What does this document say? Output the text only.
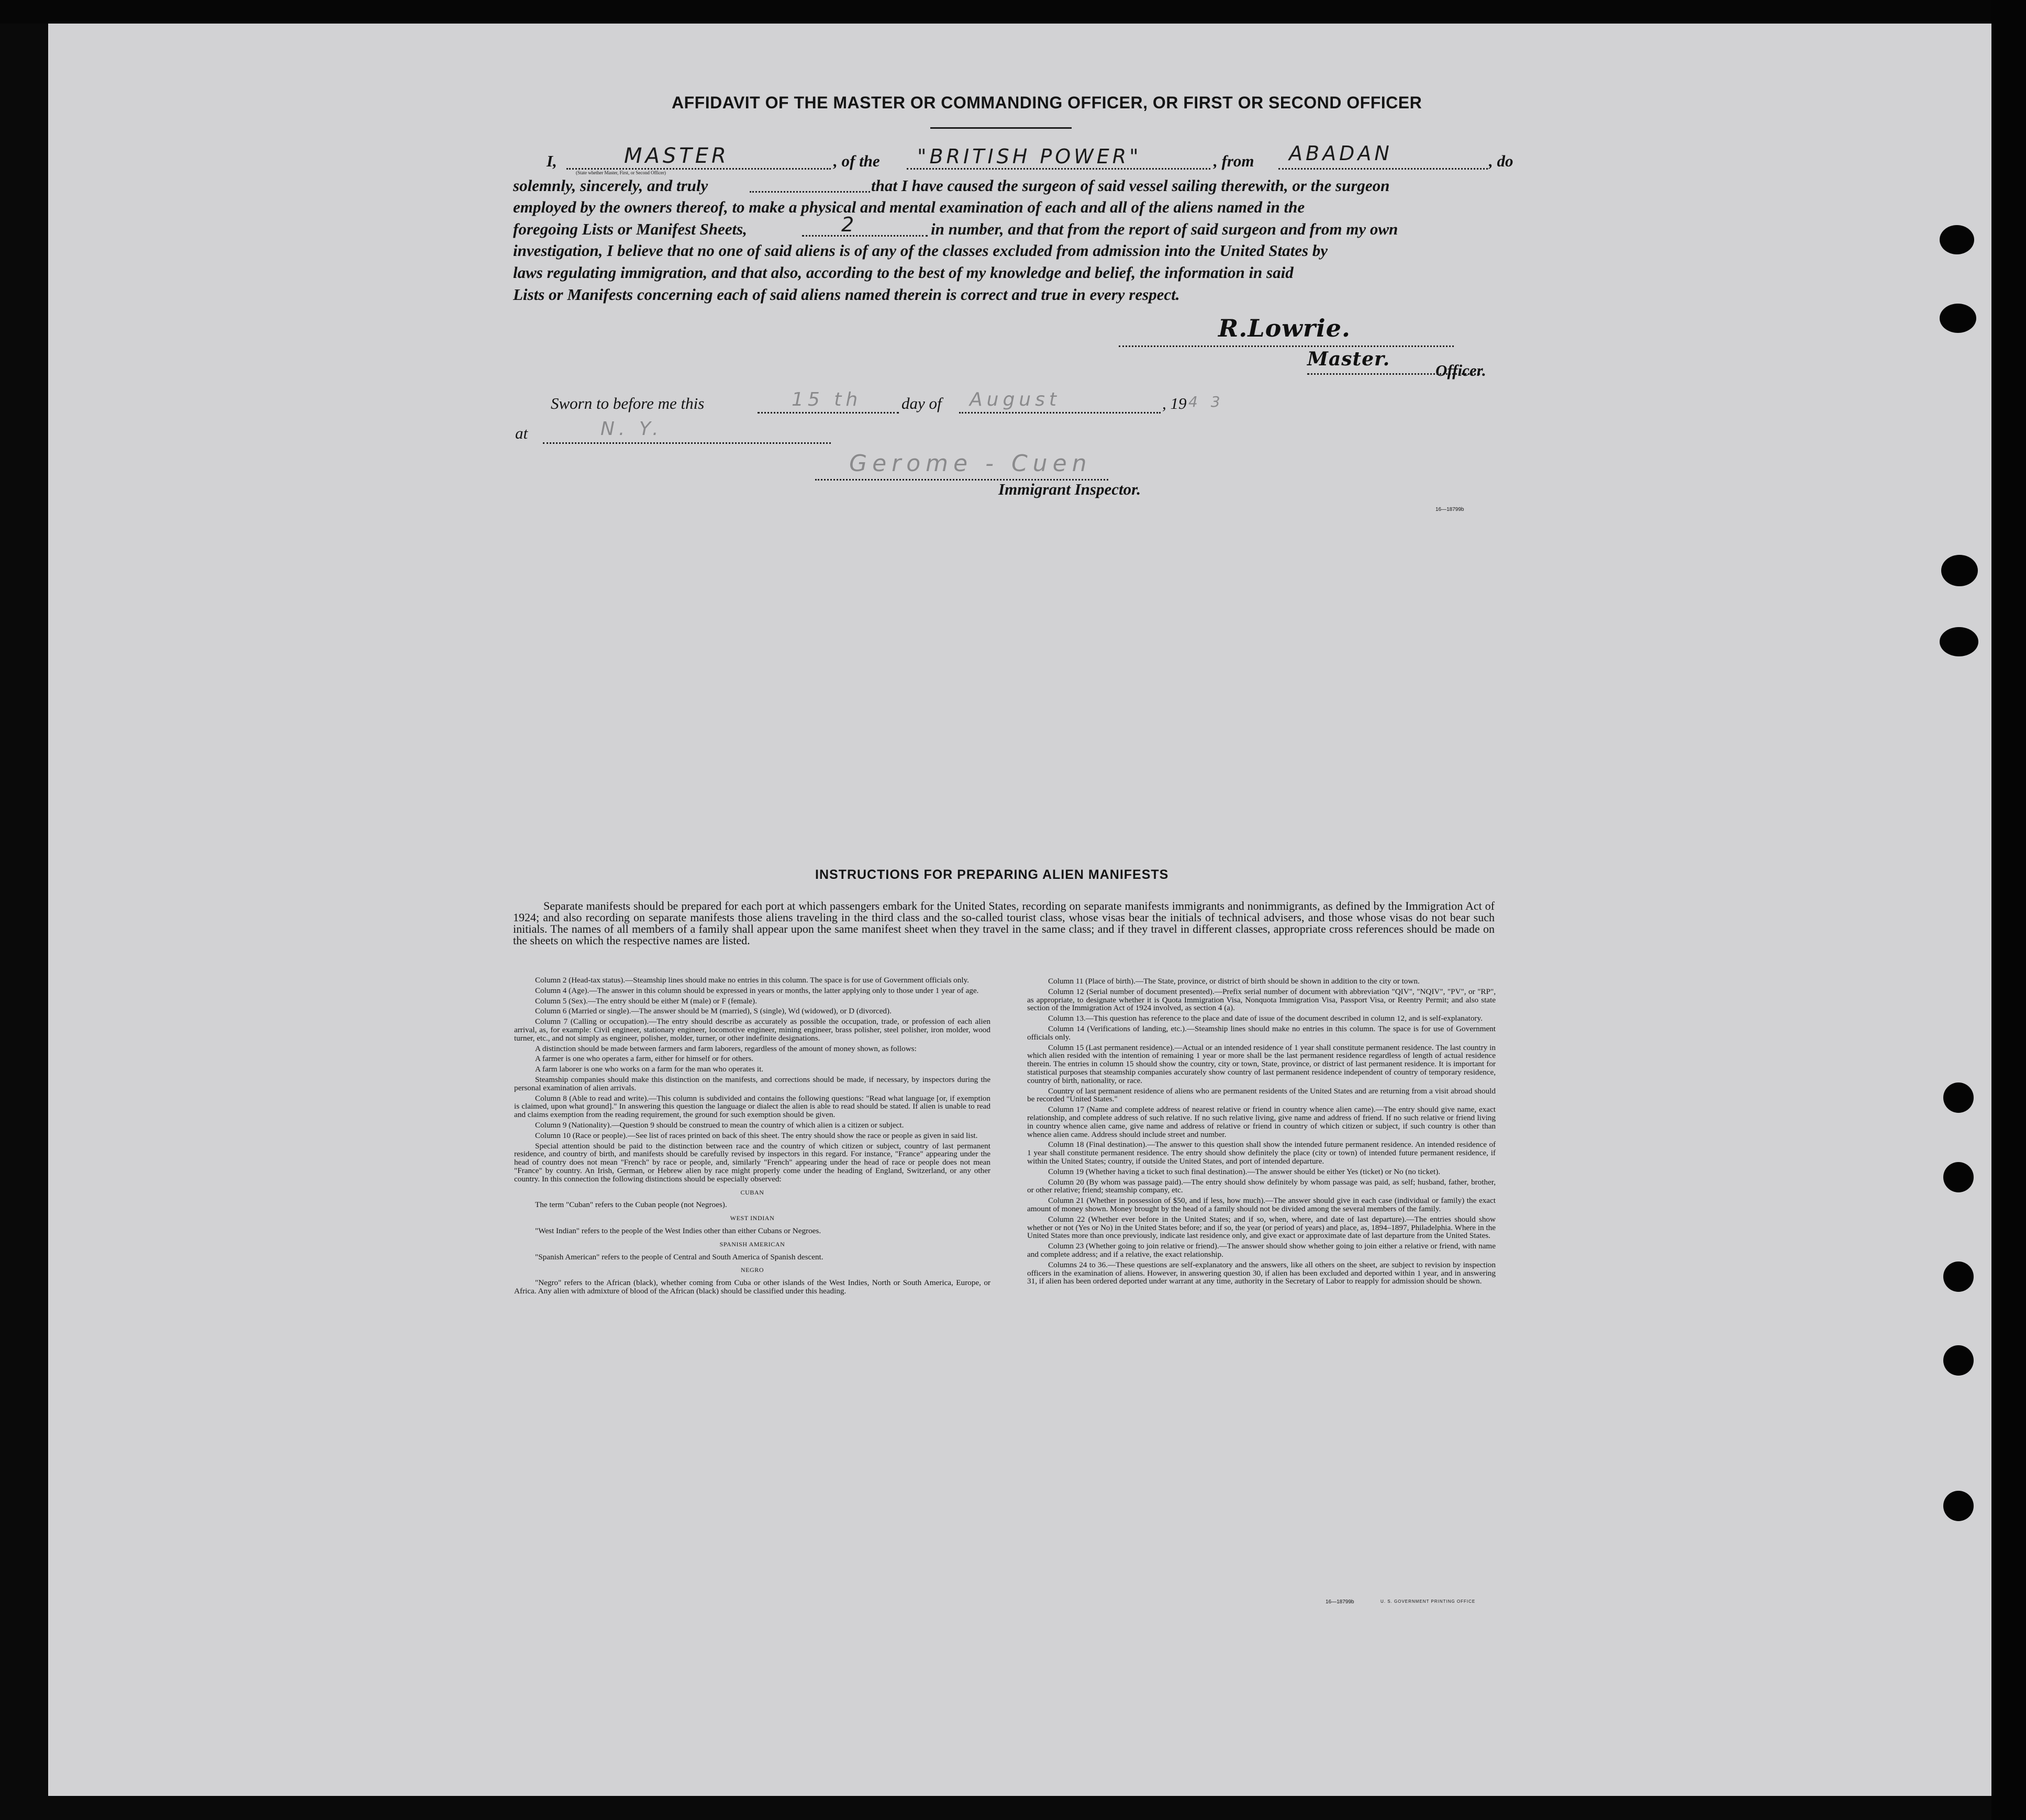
AFFIDAVIT OF THE MASTER OR COMMANDING OFFICER, OR FIRST OR SECOND OFFICER
I,	MASTER
(State whether Master, First, or Second Officer)
, of the "BRITISH POWER"	, from ABADAN	, do
solemnly, sincerely, and truly	that I have caused the surgeon of said vessel sailing therewith, or the surgeon
employed by the owners thereof, to make a physical and mental examination of each and all of the aliens named in the
foregoing Lists or Manifest Sheets,	2	in number, and that from the report of said surgeon and from my own
investigation, I believe that no one of said aliens is of any of the classes excluded from admission into the United States by
laws regulating immigration, and that also, according to the best of my knowledge and belief, the information in said
Lists or Manifests concerning each of said aliens named therein is correct and true in every respect.
R.Lowrie.
Master.
Officer.
Sworn to before me this	15 th day of August	, 19 4 3
at	N. Y.
Gerome - Cuen
Immigrant Inspector.
16—18799b
INSTRUCTIONS FOR PREPARING ALIEN MANIFESTS
Separate manifests should be prepared for each port at which passengers embark for the United States, recording on separate manifests immigrants and nonimmigrants, as defined by the Immigration Act of 1924; and also recording on separate manifests those aliens traveling in the third class and the so-called tourist class, whose visas bear the initials of technical advisers, and those whose visas do not bear such initials. The names of all members of a family shall appear upon the same manifest sheet when they travel in the same class; and if they travel in different classes, appropriate cross references should be made on the sheets on which the respective names are listed.

Column 2 (Head-tax status).—Steamship lines should make no entries in this column. The space is for use of Government officials only.

Column 4 (Age).—The answer in this column should be expressed in years or months, the latter applying only to those under 1 year of age.

Column 5 (Sex).—The entry should be either M (male) or F (female).

Column 6 (Married or single).—The answer should be M (married), S (single), Wd (widowed), or D (divorced).

Column 7 (Calling or occupation).—The entry should describe as accurately as possible the occupation, trade, or profession of each alien arrival, as, for example: Civil engineer, stationary engineer, locomotive engineer, mining engineer, brass polisher, steel polisher, iron molder, wood turner, etc., and not simply as engineer, polisher, molder, turner, or other indefinite designations.

A distinction should be made between farmers and farm laborers, regardless of the amount of money shown, as follows:

A farmer is one who operates a farm, either for himself or for others.

A farm laborer is one who works on a farm for the man who operates it.

Steamship companies should make this distinction on the manifests, and corrections should be made, if necessary, by inspectors during the personal examination of alien arrivals.

Column 8 (Able to read and write).—This column is subdivided and contains the following questions: "Read what language [or, if exemption is claimed, upon what ground]." In answering this question the language or dialect the alien is able to read should be stated. If alien is unable to read and claims exemption from the reading requirement, the ground for such exemption should be given.

Column 9 (Nationality).—Question 9 should be construed to mean the country of which alien is a citizen or subject.

Column 10 (Race or people).—See list of races printed on back of this sheet. The entry should show the race or people as given in said list.

Special attention should be paid to the distinction between race and the country of which citizen or subject, country of last permanent residence, and country of birth, and manifests should be carefully revised by inspectors in this regard. For instance, "France" appearing under the head of country does not mean "French" by race or people, and, similarly "French" appearing under the head of race or people does not mean "France" by country. An Irish, German, or Hebrew alien by race might properly come under the heading of England, Switzerland, or any other country. In this connection the following distinctions should be especially observed:

CUBAN

The term "Cuban" refers to the Cuban people (not Negroes).

WEST INDIAN

"West Indian" refers to the people of the West Indies other than either Cubans or Negroes.

SPANISH AMERICAN

"Spanish American" refers to the people of Central and South America of Spanish descent.

NEGRO

"Negro" refers to the African (black), whether coming from Cuba or other islands of the West Indies, North or South America, Europe, or Africa. Any alien with admixture of blood of the African (black) should be classified under this heading.

Column 11 (Place of birth).—The State, province, or district of birth should be shown in addition to the city or town.

Column 12 (Serial number of document presented).—Prefix serial number of document with abbreviation "QIV", "NQIV", "PV", or "RP", as appropriate, to designate whether it is Quota Immigration Visa, Nonquota Immigration Visa, Passport Visa, or Reentry Permit; and also state section of the Immigration Act of 1924 involved, as section 4 (a).

Column 13.—This question has reference to the place and date of issue of the document described in column 12, and is self-explanatory.

Column 14 (Verifications of landing, etc.).—Steamship lines should make no entries in this column. The space is for use of Government officials only.

Column 15 (Last permanent residence).—Actual or an intended residence of 1 year shall constitute permanent residence. The last country in which alien resided with the intention of remaining 1 year or more shall be the last permanent residence regardless of length of actual residence therein. The entries in column 15 should show the country, city or town, State, province, or district of last permanent residence. It is important for statistical purposes that steamship companies accurately show country of last permanent residence independent of country of temporary residence, country of birth, nationality, or race.

Country of last permanent residence of aliens who are permanent residents of the United States and are returning from a visit abroad should be recorded "United States."

Column 17 (Name and complete address of nearest relative or friend in country whence alien came).—The entry should give name, exact relationship, and complete address of such relative. If no such relative living, give name and address of friend. If no such relative or friend living in country whence alien came, give name and address of relative or friend in country of which citizen or subject, if such country is other than whence alien came. Address should include street and number.

Column 18 (Final destination).—The answer to this question shall show the intended future permanent residence. An intended residence of 1 year shall constitute permanent residence. The entry should show definitely the place (city or town) of intended future permanent residence, if within the United States; country, if outside the United States, and port of intended departure.

Column 19 (Whether having a ticket to such final destination).—The answer should be either Yes (ticket) or No (no ticket).

Column 20 (By whom was passage paid).—The entry should show definitely by whom passage was paid, as self; husband, father, brother, or other relative; friend; steamship company, etc.

Column 21 (Whether in possession of $50, and if less, how much).—The answer should give in each case (individual or family) the exact amount of money shown. Money brought by the head of a family should not be divided among the several members of the family.

Column 22 (Whether ever before in the United States; and if so, when, where, and date of last departure).—The entries should show whether or not (Yes or No) in the United States before; and if so, the year (or period of years) and place, as, 1894–1897, Philadelphia. Where in the United States more than once previously, indicate last residence only, and give exact or approximate date of last departure from the United States.

Column 23 (Whether going to join relative or friend).—The answer should show whether going to join either a relative or friend, with name and complete address; and if a relative, the exact relationship.

Columns 24 to 36.—These questions are self-explanatory and the answers, like all others on the sheet, are subject to revision by inspection officers in the examination of aliens. However, in answering question 30, if alien has been excluded and deported within 1 year, and in answering 31, if alien has been ordered deported under warrant at any time, authority in the Secretary of Labor to reapply for admission should be shown.

16—18799b	U. S. GOVERNMENT PRINTING OFFICE
